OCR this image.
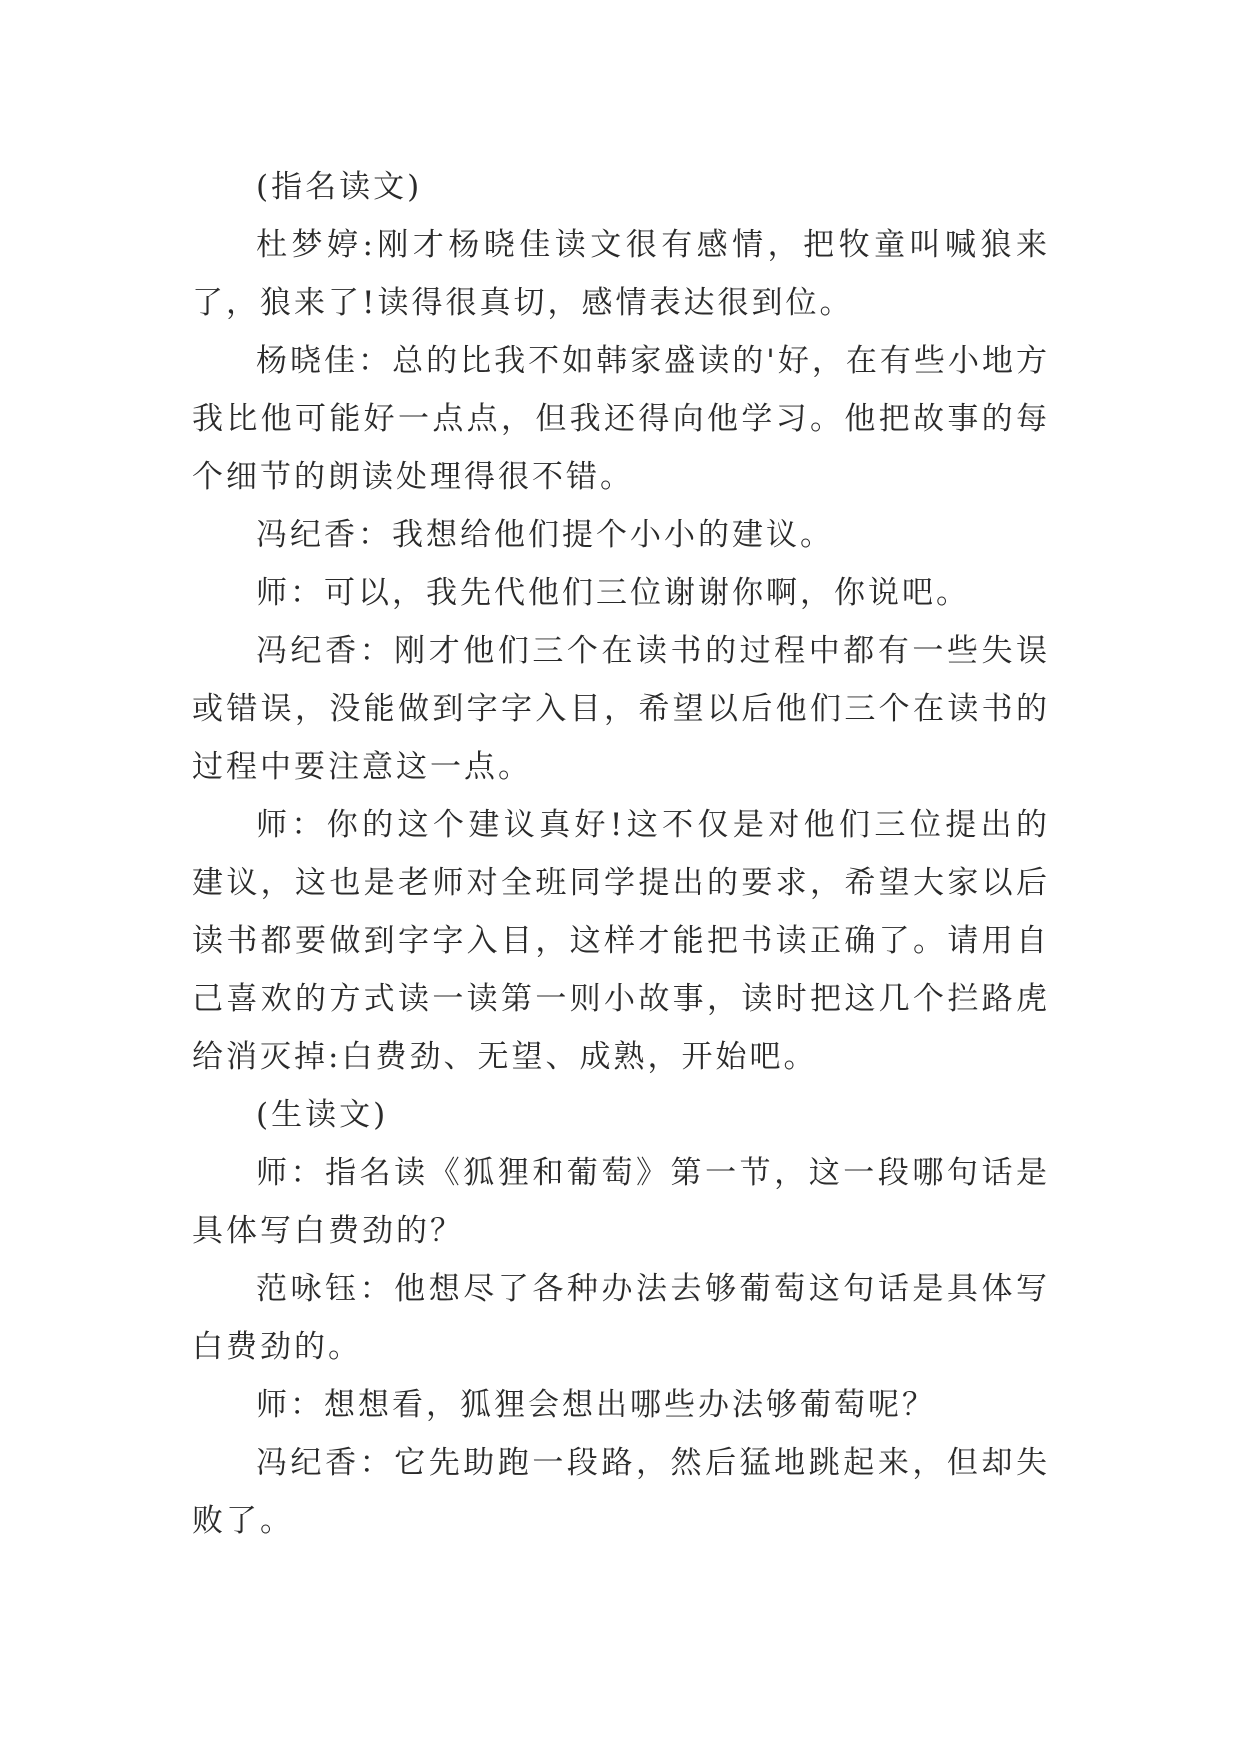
(指名读文)

杜梦婷:刚才杨晓佳读文很有感情，把牧童叫喊狼来了，狼来了!读得很真切，感情表达很到位。

杨晓佳：总的比我不如韩家盛读的'好，在有些小地方我比他可能好一点点，但我还得向他学习。他把故事的每个细节的朗读处理得很不错。

冯纪香：我想给他们提个小小的建议。

师：可以，我先代他们三位谢谢你啊，你说吧。

冯纪香：刚才他们三个在读书的过程中都有一些失误或错误，没能做到字字入目，希望以后他们三个在读书的过程中要注意这一点。

师：你的这个建议真好!这不仅是对他们三位提出的建议，这也是老师对全班同学提出的要求，希望大家以后读书都要做到字字入目，这样才能把书读正确了。请用自己喜欢的方式读一读第一则小故事，读时把这几个拦路虎给消灭掉:白费劲、无望、成熟，开始吧。

(生读文)

师：指名读《狐狸和葡萄》第一节，这一段哪句话是具体写白费劲的？

范咏钰：他想尽了各种办法去够葡萄这句话是具体写白费劲的。

师：想想看，狐狸会想出哪些办法够葡萄呢？

冯纪香：它先助跑一段路，然后猛地跳起来，但却失败了。
